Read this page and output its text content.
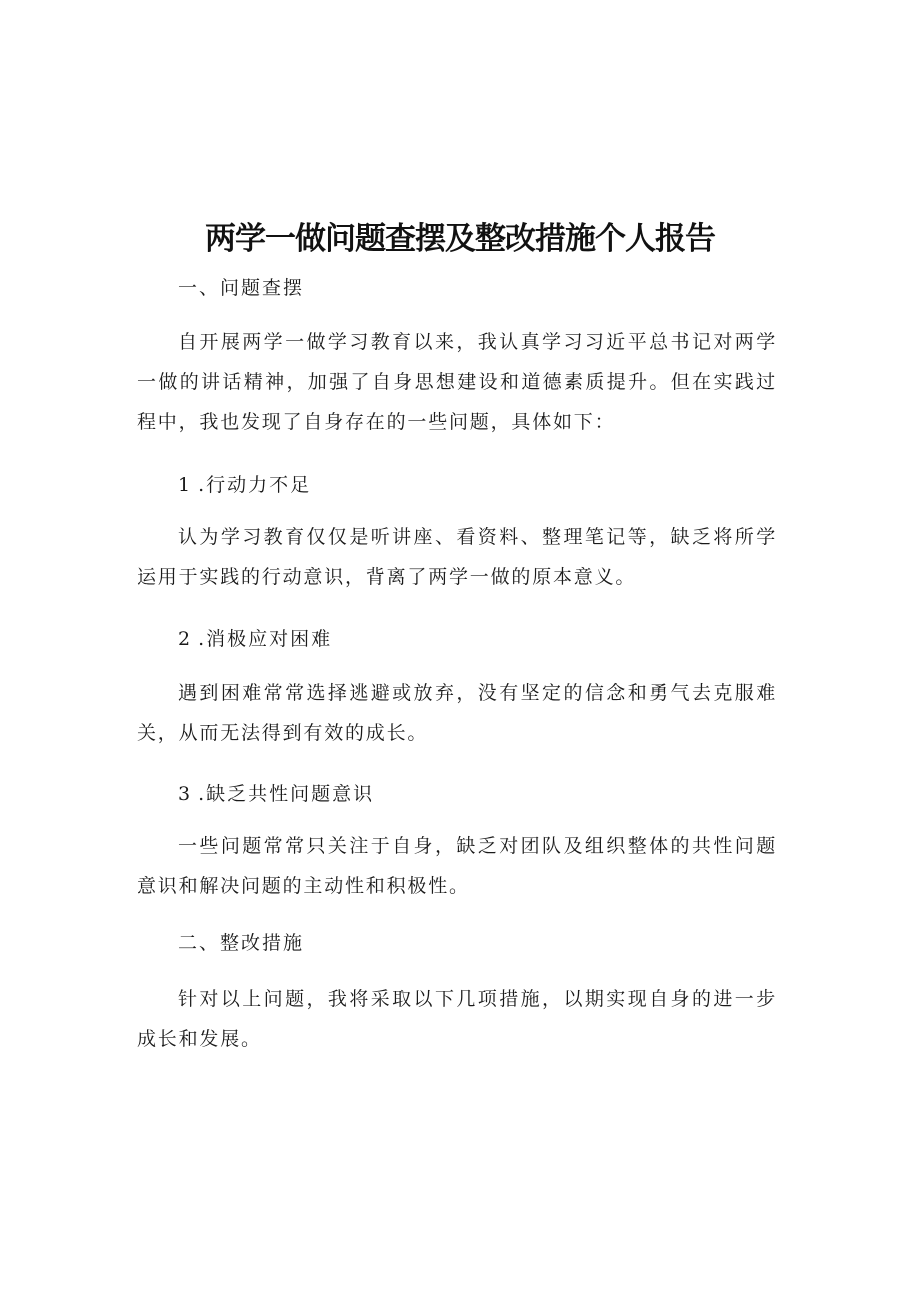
两学一做问题查摆及整改措施个人报告
一、问题查摆
自开展两学一做学习教育以来，我认真学习习近平总书记对两学一做的讲话精神，加强了自身思想建设和道德素质提升。但在实践过程中，我也发现了自身存在的一些问题，具体如下：
1 .行动力不足
认为学习教育仅仅是听讲座、看资料、整理笔记等，缺乏将所学运用于实践的行动意识，背离了两学一做的原本意义。
2 .消极应对困难
遇到困难常常选择逃避或放弃，没有坚定的信念和勇气去克服难关，从而无法得到有效的成长。
3 .缺乏共性问题意识
一些问题常常只关注于自身，缺乏对团队及组织整体的共性问题意识和解决问题的主动性和积极性。
二、整改措施
针对以上问题，我将采取以下几项措施，以期实现自身的进一步成长和发展。
